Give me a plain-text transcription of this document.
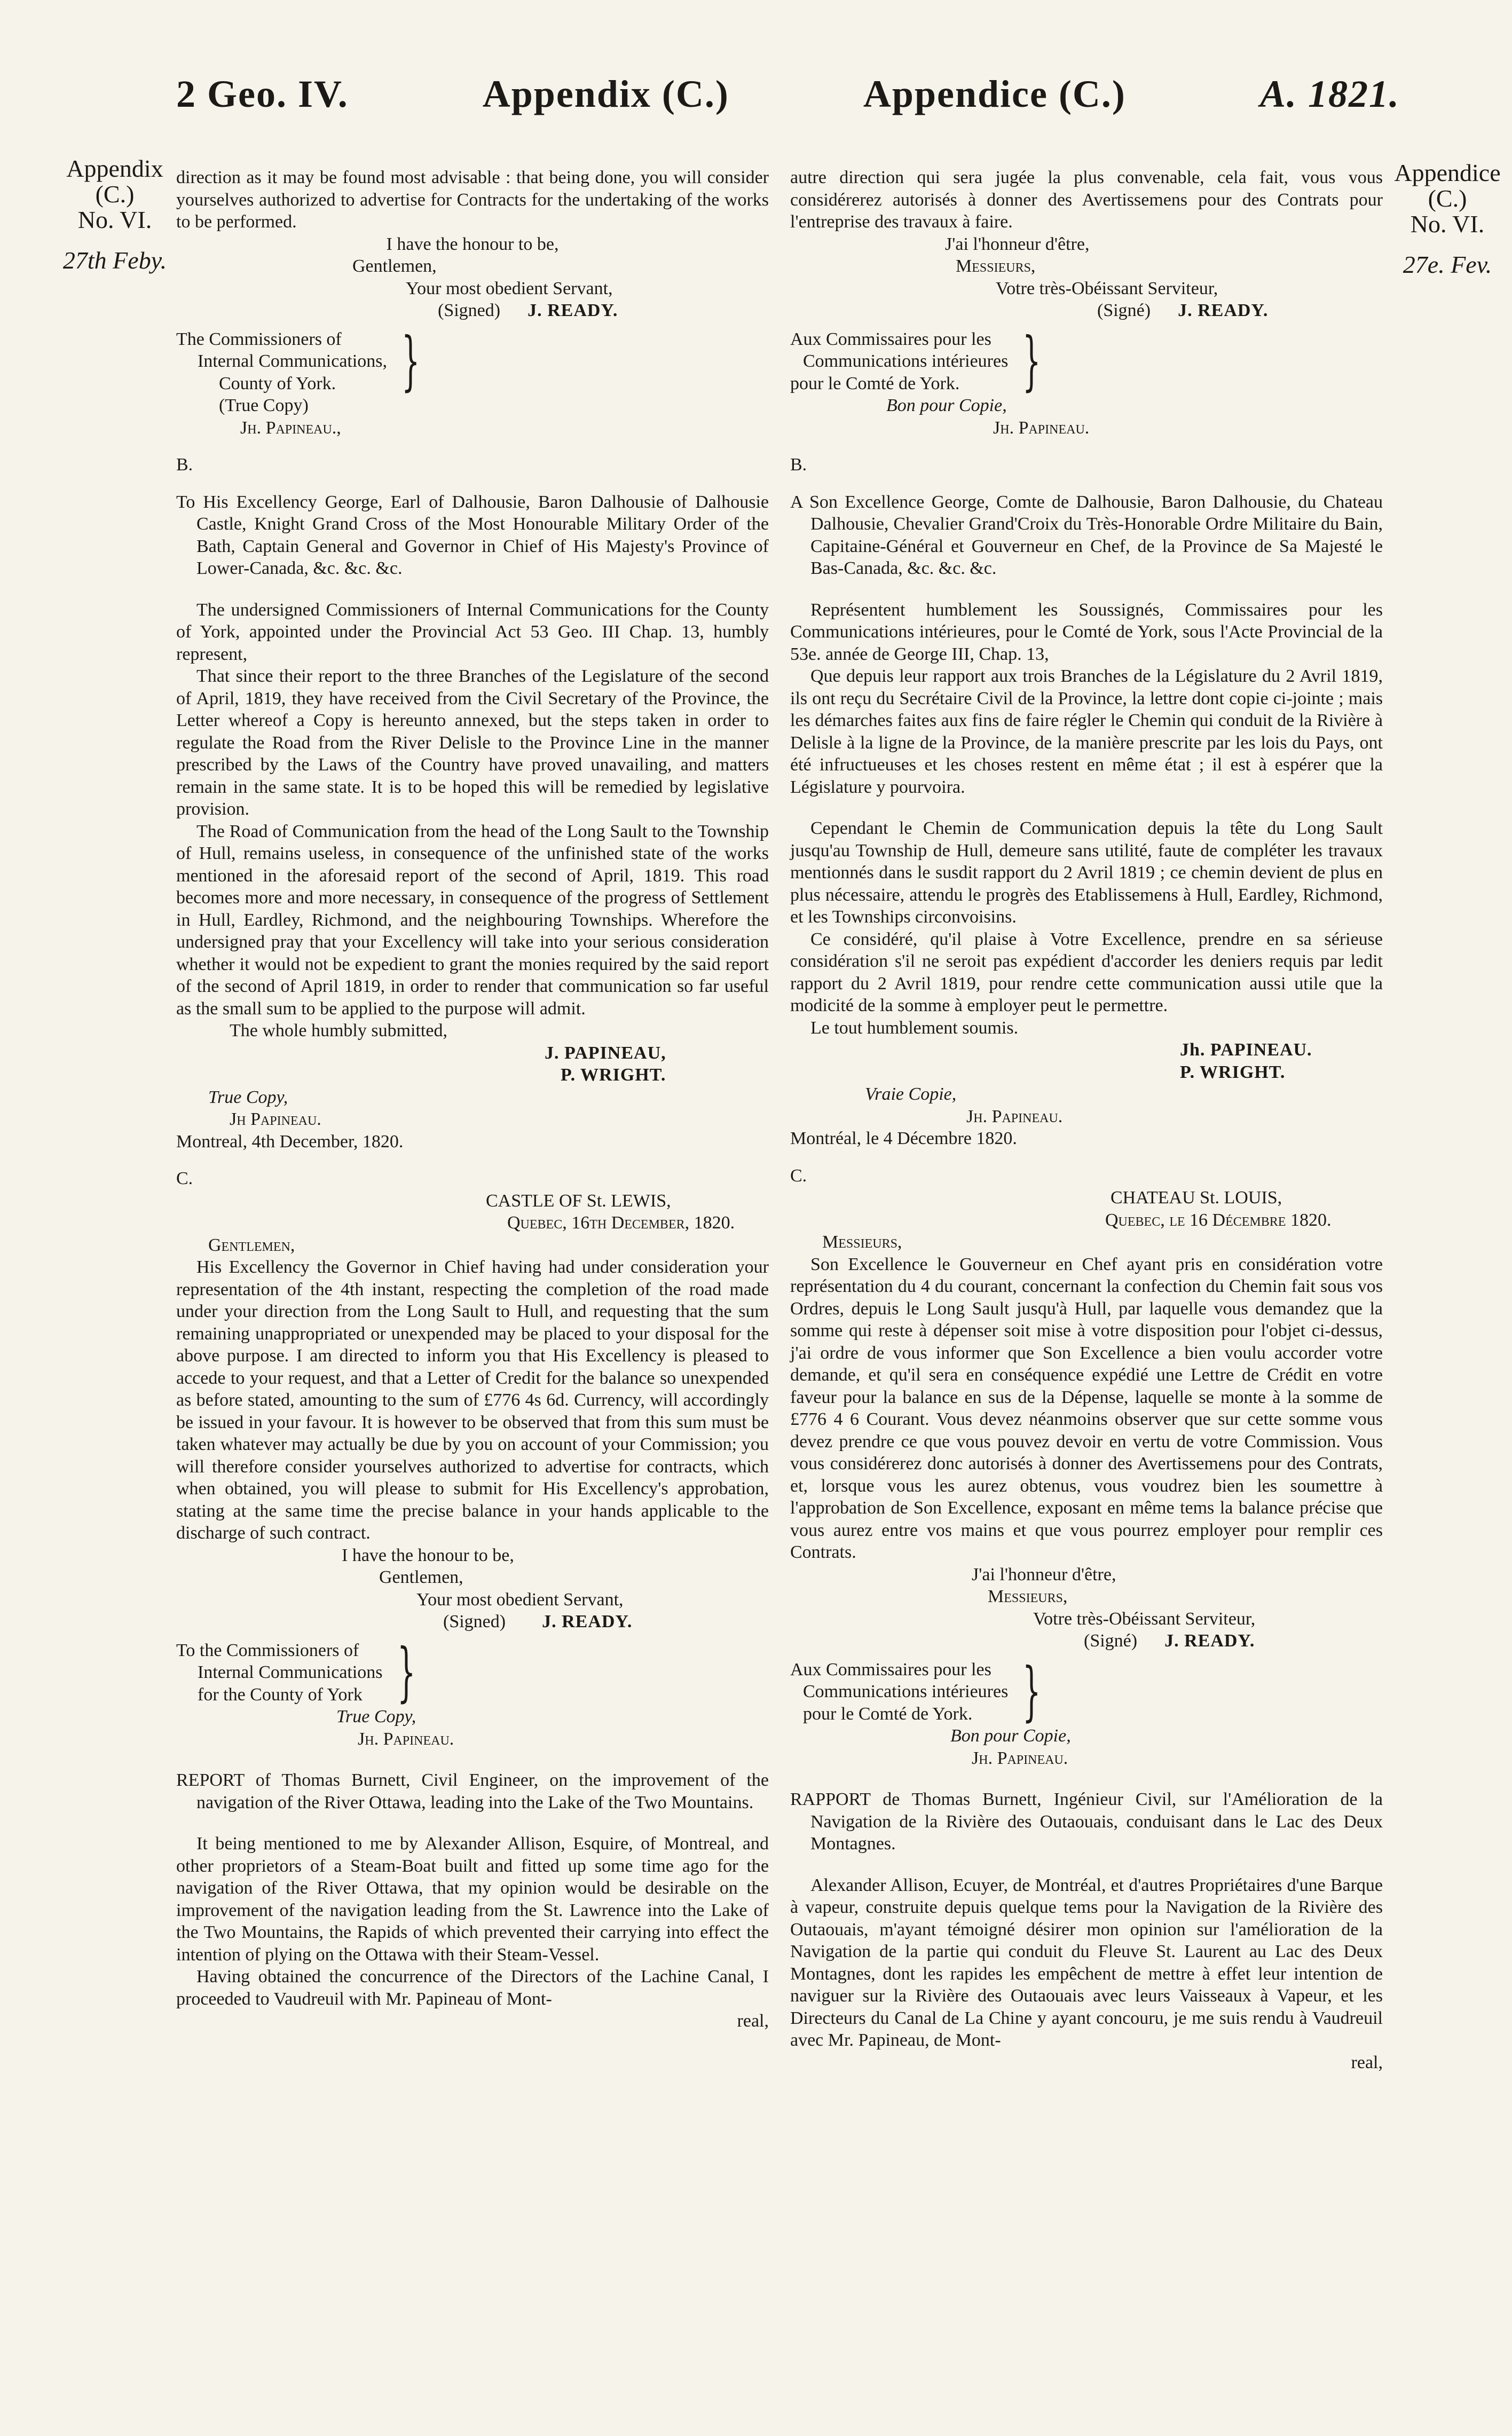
2 Geo. IV.	Appendix (C.)	Appendice (C.)	A. 1821.
Appendix
(C.)
No. VI.
27th Feby.
Appendice
(C.)
No. VI.
27e. Fev.

direction as it may be found most advisable : that being done, you will consider yourselves authorized to advertise for Contracts for the undertaking of the works to be performed.

I have the honour to be,

Gentlemen,

Your most obedient Servant,

(Signed) J. READY.

The Commissioners of

Internal Communications,

County of York.	}

(True Copy)

Jh. Papineau.,

B.

To His Excellency George, Earl of Dalhousie, Baron Dalhousie of Dalhousie Castle, Knight Grand Cross of the Most Honourable Military Order of the Bath, Captain General and Governor in Chief of His Majesty's Province of Lower-Canada, &c. &c. &c.

The undersigned Commissioners of Internal Communications for the County of York, appointed under the Provincial Act 53 Geo. III Chap. 13, humbly represent,

That since their report to the three Branches of the Legislature of the second of April, 1819, they have received from the Civil Secretary of the Province, the Letter whereof a Copy is hereunto annexed, but the steps taken in order to regulate the Road from the River Delisle to the Province Line in the manner prescribed by the Laws of the Country have proved unavailing, and matters remain in the same state. It is to be hoped this will be remedied by legislative provision.

The Road of Communication from the head of the Long Sault to the Township of Hull, remains useless, in consequence of the unfinished state of the works mentioned in the aforesaid report of the second of April, 1819. This road becomes more and more necessary, in consequence of the progress of Settlement in Hull, Eardley, Richmond, and the neighbouring Townships. Wherefore the undersigned pray that your Excellency will take into your serious consideration whether it would not be expedient to grant the monies required by the said report of the second of April 1819, in order to render that communication so far useful as the small sum to be applied to the purpose will admit.

The whole humbly submitted,

J. PAPINEAU,

P. WRIGHT.

True Copy,

Jh Papineau.

Montreal, 4th December, 1820.

C.

CASTLE OF St. LEWIS,

Quebec, 16th December, 1820.

Gentlemen,

His Excellency the Governor in Chief having had under consideration your representation of the 4th instant, respecting the completion of the road made under your direction from the Long Sault to Hull, and requesting that the sum remaining unappropriated or unexpended may be placed to your disposal for the above purpose. I am directed to inform you that His Excellency is pleased to accede to your request, and that a Letter of Credit for the balance so unexpended as before stated, amounting to the sum of £776 4s 6d. Currency, will accordingly be issued in your favour. It is however to be observed that from this sum must be taken whatever may actually be due by you on account of your Commission; you will therefore consider yourselves authorized to advertise for contracts, which when obtained, you will please to submit for His Excellency's approbation, stating at the same time the precise balance in your hands applicable to the discharge of such contract.

I have the honour to be,

Gentlemen,

Your most obedient Servant,

(Signed) J. READY.

To the Commissioners of

Internal Communications

for the County of York }

True Copy,

Jh. Papineau.

REPORT of Thomas Burnett, Civil Engineer, on the improvement of the navigation of the River Ottawa, leading into the Lake of the Two Mountains.

It being mentioned to me by Alexander Allison, Esquire, of Montreal, and other proprietors of a Steam-Boat built and fitted up some time ago for the navigation of the River Ottawa, that my opinion would be desirable on the improvement of the navigation leading from the St. Lawrence into the Lake of the Two Mountains, the Rapids of which prevented their carrying into effect the intention of plying on the Ottawa with their Steam-Vessel.

Having obtained the concurrence of the Directors of the Lachine Canal, I proceeded to Vaudreuil with Mr. Papineau of Mont-

real,

autre direction qui sera jugée la plus convenable, cela fait, vous vous considérerez autorisés à donner des Avertissemens pour des Contrats pour l'entreprise des travaux à faire.

J'ai l'honneur d'être,

Messieurs,

Votre très-Obéissant Serviteur,

(Signé) J. READY.

Aux Commissaires pour les

Communications intérieures

pour le Comté de York. }

Bon pour Copie,

Jh. Papineau.

B.

A Son Excellence George, Comte de Dalhousie, Baron Dalhousie, du Chateau Dalhousie, Chevalier Grand'Croix du Très-Honorable Ordre Militaire du Bain, Capitaine-Général et Gouverneur en Chef, de la Province de Sa Majesté le Bas-Canada, &c. &c. &c.

Représentent humblement les Soussignés, Commissaires pour les Communications intérieures, pour le Comté de York, sous l'Acte Provincial de la 53e. année de George III, Chap. 13,

Que depuis leur rapport aux trois Branches de la Législature du 2 Avril 1819, ils ont reçu du Secrétaire Civil de la Province, la lettre dont copie ci-jointe ; mais les démarches faites aux fins de faire régler le Chemin qui conduit de la Rivière à Delisle à la ligne de la Province, de la manière prescrite par les lois du Pays, ont été infructueuses et les choses restent en même état ; il est à espérer que la Législature y pourvoira.

Cependant le Chemin de Communication depuis la tête du Long Sault jusqu'au Township de Hull, demeure sans utilité, faute de compléter les travaux mentionnés dans le susdit rapport du 2 Avril 1819 ; ce chemin devient de plus en plus nécessaire, attendu le progrès des Etablissemens à Hull, Eardley, Richmond, et les Townships circonvoisins.

Ce considéré, qu'il plaise à Votre Excellence, prendre en sa sérieuse considération s'il ne seroit pas expédient d'accorder les deniers requis par ledit rapport du 2 Avril 1819, pour rendre cette communication aussi utile que la modicité de la somme à employer peut le permettre.

Le tout humblement soumis.

Jh. PAPINEAU.

P. WRIGHT.

Vraie Copie,

Jh. Papineau.

Montréal, le 4 Décembre 1820.

C.

CHATEAU St. LOUIS,

Quebec, le 16 Décembre 1820.

Messieurs,

Son Excellence le Gouverneur en Chef ayant pris en considération votre représentation du 4 du courant, concernant la confection du Chemin fait sous vos Ordres, depuis le Long Sault jusqu'à Hull, par laquelle vous demandez que la somme qui reste à dépenser soit mise à votre disposition pour l'objet ci-dessus, j'ai ordre de vous informer que Son Excellence a bien voulu accorder votre demande, et qu'il sera en conséquence expédié une Lettre de Crédit en votre faveur pour la balance en sus de la Dépense, laquelle se monte à la somme de £776 4 6 Courant. Vous devez néanmoins observer que sur cette somme vous devez prendre ce que vous pouvez devoir en vertu de votre Commission. Vous vous considérerez donc autorisés à donner des Avertissemens pour des Contrats, et, lorsque vous les aurez obtenus, vous voudrez bien les soumettre à l'approbation de Son Excellence, exposant en même tems la balance précise que vous aurez entre vos mains et que vous pourrez employer pour remplir ces Contrats.

J'ai l'honneur d'être,

Messieurs,

Votre très-Obéissant Serviteur,

(Signé) J. READY.

Aux Commissaires pour les

Communications intérieures

pour le Comté de York. }

Bon pour Copie,

Jh. Papineau.

RAPPORT de Thomas Burnett, Ingénieur Civil, sur l'Amélioration de la Navigation de la Rivière des Outaouais, conduisant dans le Lac des Deux Montagnes.

Alexander Allison, Ecuyer, de Montréal, et d'autres Propriétaires d'une Barque à vapeur, construite depuis quelque tems pour la Navigation de la Rivière des Outaouais, m'ayant témoigné désirer mon opinion sur l'amélioration de la Navigation de la partie qui conduit du Fleuve St. Laurent au Lac des Deux Montagnes, dont les rapides les empêchent de mettre à effet leur intention de naviguer sur la Rivière des Outaouais avec leurs Vaisseaux à Vapeur, et les Directeurs du Canal de La Chine y ayant concouru, je me suis rendu à Vaudreuil avec Mr. Papineau, de Mont-

real,
